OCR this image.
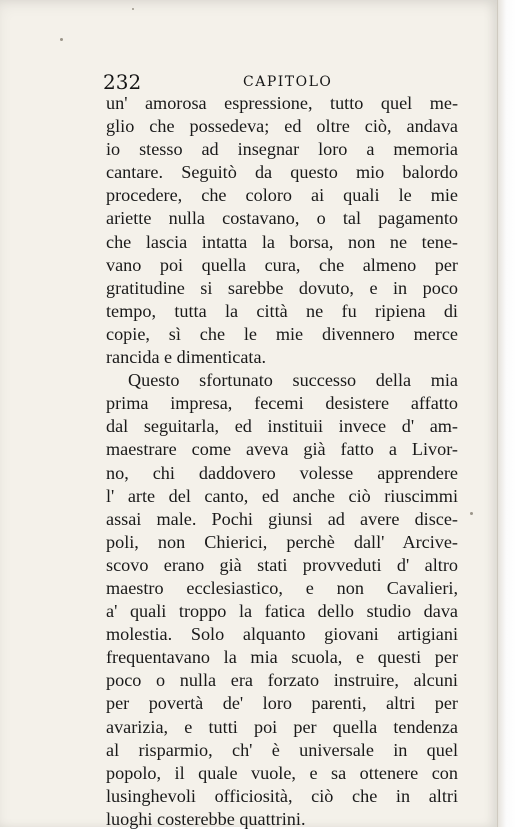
232	CAPITOLO
un' amorosa espressione, tutto quel me-
glio che possedeva; ed oltre ciò, andava
io stesso ad insegnar loro a memoria
cantare. Seguitò da questo mio balordo
procedere, che coloro ai quali le mie
ariette nulla costavano, o tal pagamento
che lascia intatta la borsa, non ne tene-
vano poi quella cura, che almeno per
gratitudine si sarebbe dovuto, e in poco
tempo, tutta la città ne fu ripiena di
copie, sì che le mie divennero merce
rancida e dimenticata.
Questo sfortunato successo della mia
prima impresa, fecemi desistere affatto
dal seguitarla, ed instituii invece d' am-
maestrare come aveva già fatto a Livor-
no, chi daddovero volesse apprendere
l' arte del canto, ed anche ciò riuscimmi
assai male. Pochi giunsi ad avere disce-
poli, non Chierici, perchè dall' Arcive-
scovo erano già stati provveduti d' altro
maestro ecclesiastico, e non Cavalieri,
a' quali troppo la fatica dello studio dava
molestia. Solo alquanto giovani artigiani
frequentavano la mia scuola, e questi per
poco o nulla era forzato instruire, alcuni
per povertà de' loro parenti, altri per
avarizia, e tutti poi per quella tendenza
al risparmio, ch' è universale in quel
popolo, il quale vuole, e sa ottenere con
lusinghevoli officiosità, ciò che in altri
luoghi costerebbe quattrini.
